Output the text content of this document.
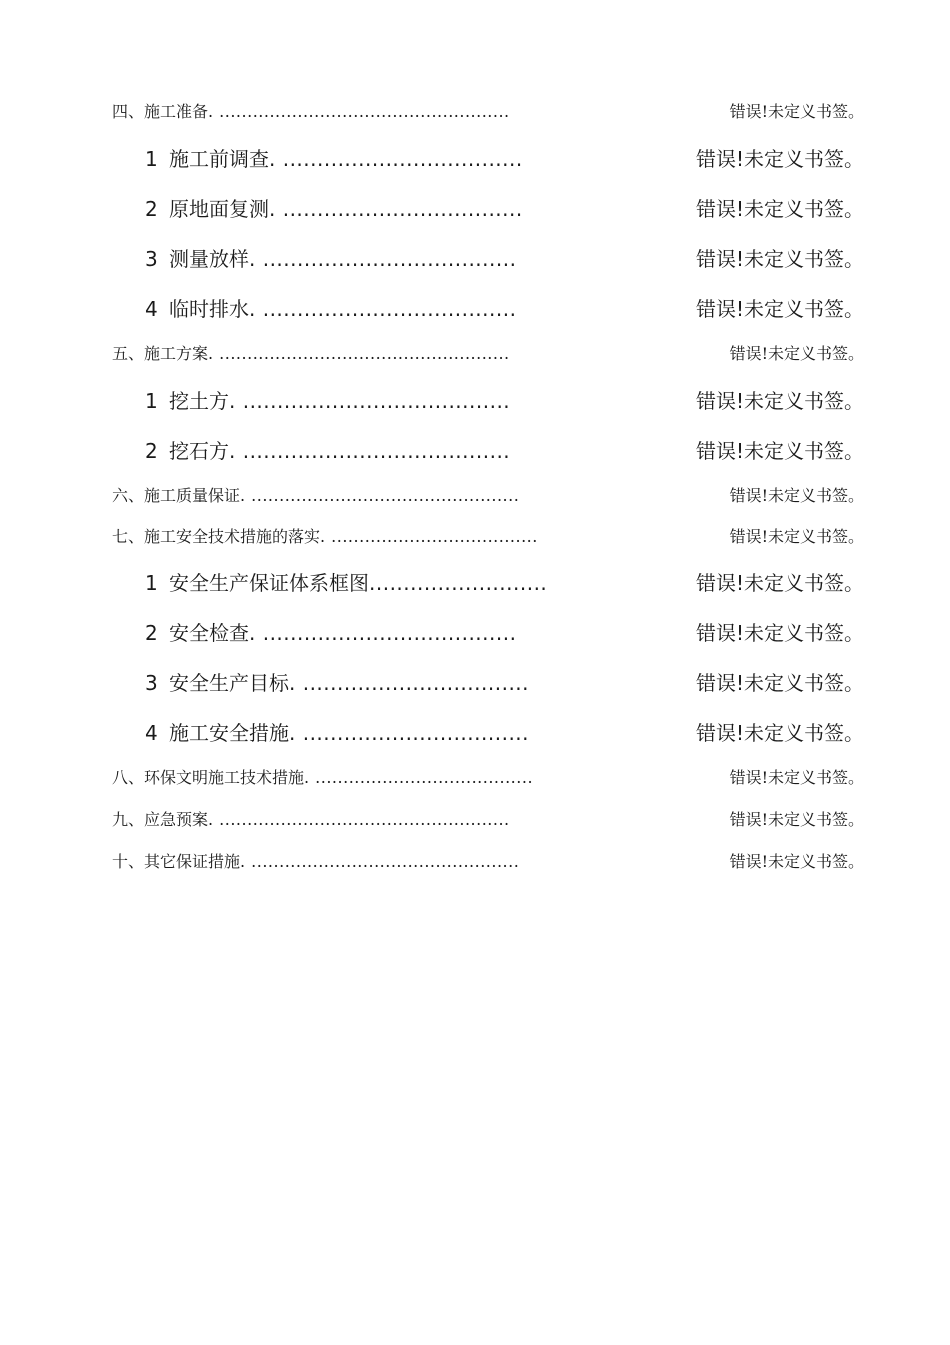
四、施工准备 . ....................................................	错误!未定义书签。
1 施工前调查 . ...................................	错误!未定义书签。
2 原地面复测 . ...................................	错误!未定义书签。
3 测量放样 . .....................................	错误!未定义书签。
4 临时排水 . .....................................	错误!未定义书签。
五、施工方案 . ....................................................	错误!未定义书签。
1 挖土方 . .......................................	错误!未定义书签。
2 挖石方 . .......................................	错误!未定义书签。
六、施工质量保证 . ................................................	错误!未定义书签。
七、施工安全技术措施的落实 . .....................................	错误!未定义书签。
1 安全生产保证体系框图 ..........................	错误!未定义书签。
2 安全检查 . .....................................	错误!未定义书签。
3 安全生产目标 . .................................	错误!未定义书签。
4 施工安全措施 . .................................	错误!未定义书签。
八、环保文明施工技术措施 . .......................................	错误!未定义书签。
九、应急预案 . ....................................................	错误!未定义书签。
十、其它保证措施 . ................................................	错误!未定义书签。
